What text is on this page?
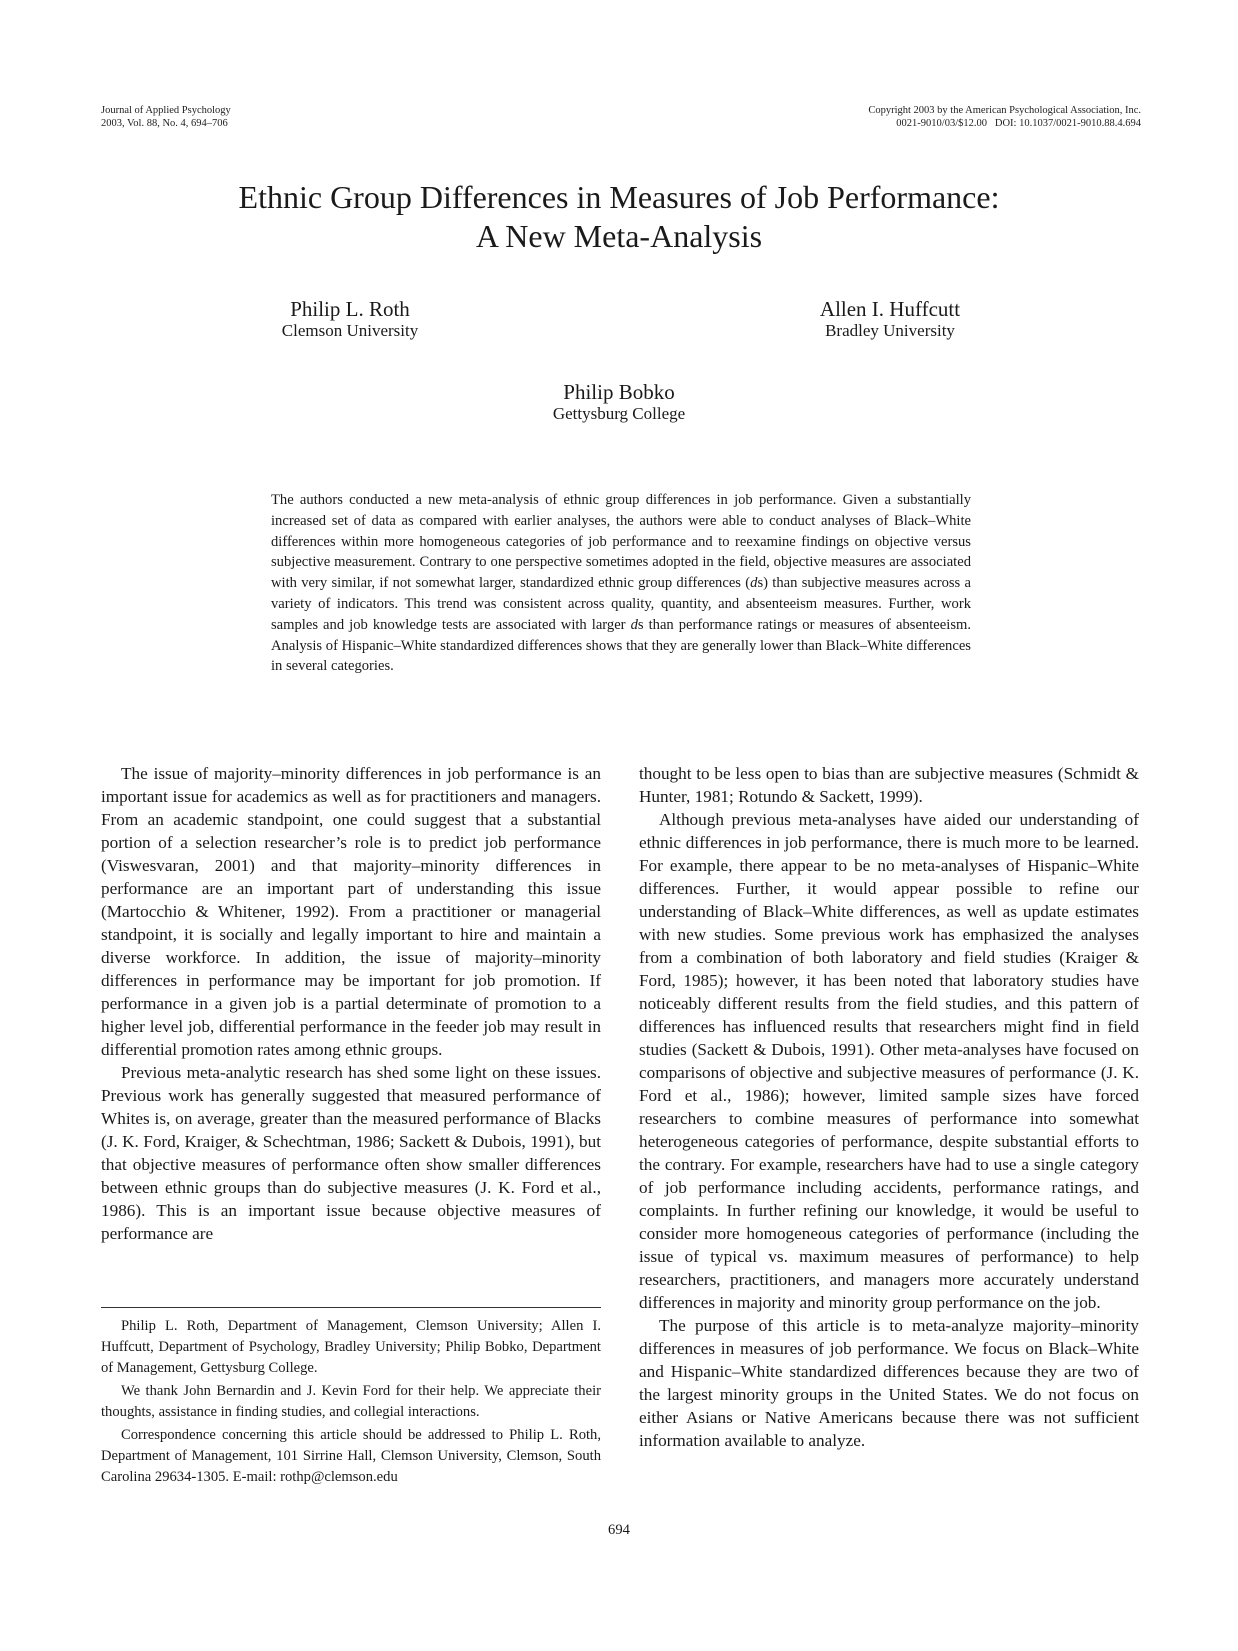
Journal of Applied Psychology
2003, Vol. 88, No. 4, 694–706
Copyright 2003 by the American Psychological Association, Inc.
0021-9010/03/$12.00   DOI: 10.1037/0021-9010.88.4.694
Ethnic Group Differences in Measures of Job Performance:
A New Meta-Analysis
Philip L. Roth
Clemson University
Allen I. Huffcutt
Bradley University
Philip Bobko
Gettysburg College
The authors conducted a new meta-analysis of ethnic group differences in job performance. Given a substantially increased set of data as compared with earlier analyses, the authors were able to conduct analyses of Black–White differences within more homogeneous categories of job performance and to reexamine findings on objective versus subjective measurement. Contrary to one perspective sometimes adopted in the field, objective measures are associated with very similar, if not somewhat larger, standardized ethnic group differences (ds) than subjective measures across a variety of indicators. This trend was consistent across quality, quantity, and absenteeism measures. Further, work samples and job knowledge tests are associated with larger ds than performance ratings or measures of absenteeism. Analysis of Hispanic–White standardized differences shows that they are generally lower than Black–White differences in several categories.

The issue of majority–minority differences in job performance is an important issue for academics as well as for practitioners and managers. From an academic standpoint, one could suggest that a substantial portion of a selection researcher’s role is to predict job performance (Viswesvaran, 2001) and that majority–minority differences in performance are an important part of understanding this issue (Martocchio & Whitener, 1992). From a practitioner or managerial standpoint, it is socially and legally important to hire and maintain a diverse workforce. In addition, the issue of majority–minority differences in performance may be important for job promotion. If performance in a given job is a partial determinate of promotion to a higher level job, differential performance in the feeder job may result in differential promotion rates among ethnic groups.

Previous meta-analytic research has shed some light on these issues. Previous work has generally suggested that measured performance of Whites is, on average, greater than the measured performance of Blacks (J. K. Ford, Kraiger, & Schechtman, 1986; Sackett & Dubois, 1991), but that objective measures of performance often show smaller differences between ethnic groups than do subjective measures (J. K. Ford et al., 1986). This is an important issue because objective measures of performance are

thought to be less open to bias than are subjective measures (Schmidt & Hunter, 1981; Rotundo & Sackett, 1999).

Although previous meta-analyses have aided our understanding of ethnic differences in job performance, there is much more to be learned. For example, there appear to be no meta-analyses of Hispanic–White differences. Further, it would appear possible to refine our understanding of Black–White differences, as well as update estimates with new studies. Some previous work has emphasized the analyses from a combination of both laboratory and field studies (Kraiger & Ford, 1985); however, it has been noted that laboratory studies have noticeably different results from the field studies, and this pattern of differences has influenced results that researchers might find in field studies (Sackett & Dubois, 1991). Other meta-analyses have focused on comparisons of objective and subjective measures of performance (J. K. Ford et al., 1986); however, limited sample sizes have forced researchers to combine measures of performance into somewhat heterogeneous categories of performance, despite substantial efforts to the contrary. For example, researchers have had to use a single category of job performance including accidents, performance ratings, and complaints. In further refining our knowledge, it would be useful to consider more homogeneous categories of performance (including the issue of typical vs. maximum measures of performance) to help researchers, practitioners, and managers more accurately understand differences in majority and minority group performance on the job.

The purpose of this article is to meta-analyze majority–minority differences in measures of job performance. We focus on Black–White and Hispanic–White standardized differences because they are two of the largest minority groups in the United States. We do not focus on either Asians or Native Americans because there was not sufficient information available to analyze.

Philip L. Roth, Department of Management, Clemson University; Allen I. Huffcutt, Department of Psychology, Bradley University; Philip Bobko, Department of Management, Gettysburg College.

We thank John Bernardin and J. Kevin Ford for their help. We appreciate their thoughts, assistance in finding studies, and collegial interactions.

Correspondence concerning this article should be addressed to Philip L. Roth, Department of Management, 101 Sirrine Hall, Clemson University, Clemson, South Carolina 29634-1305. E-mail: rothp@clemson.edu

694
